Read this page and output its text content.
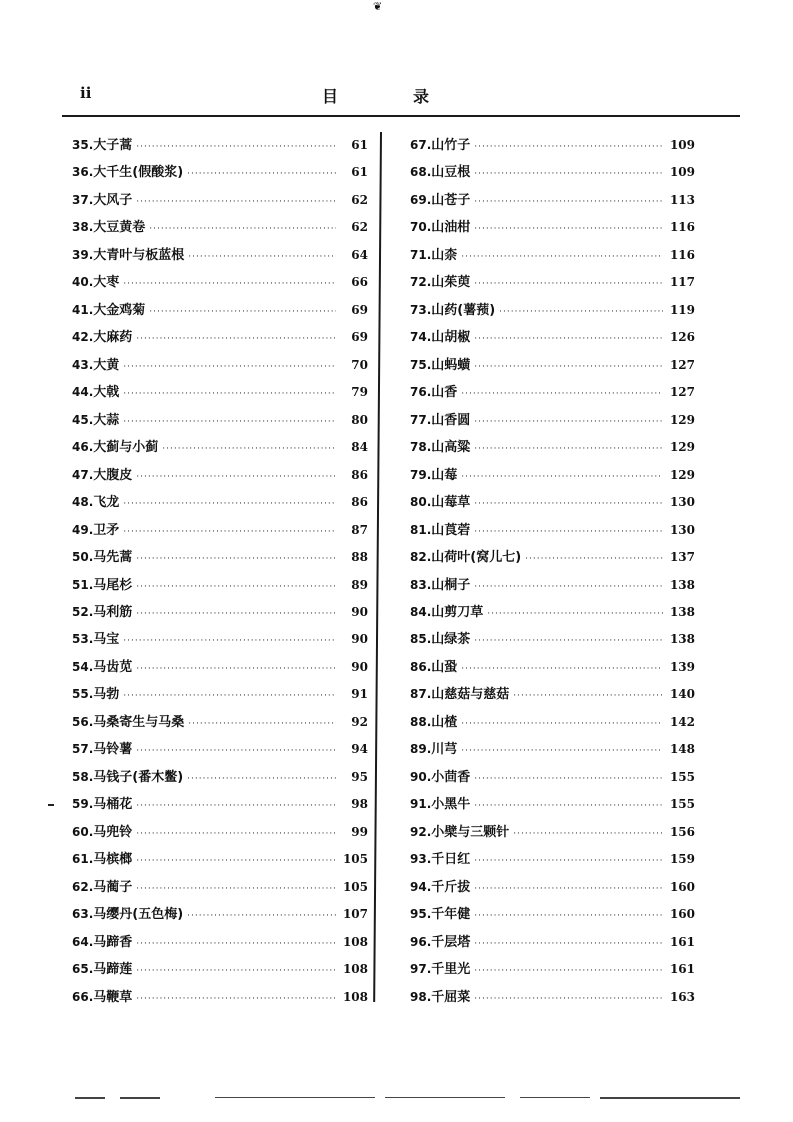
❦
ii	目	录
35. 大子蒿 ·····	61
36. 大千生(假酸浆) ·····	61
37. 大风子 ·····	62
38. 大豆黄卷 ·····	62
39. 大青叶与板蓝根 ·····	64
40. 大枣 ·····	66
41. 大金鸡菊 ·····	69
42. 大麻药 ·····	69
43. 大黄 ·····	70
44. 大戟 ·····	79
45. 大蒜 ·····	80
46. 大蓟与小蓟 ·····	84
47. 大腹皮 ·····	86
48. 飞龙 ·····	86
49. 卫矛 ·····	87
50. 马先蒿 ·····	88
51. 马尾杉 ·····	89
52. 马利筋 ·····	90
53. 马宝 ·····	90
54. 马齿苋 ·····	90
55. 马勃 ·····	91
56. 马桑寄生与马桑 ·····	92
57. 马铃薯 ·····	94
58. 马钱子(番木鳖) ·····	95
59. 马桶花 ·····	98
60. 马兜铃 ·····	99
61. 马槟榔 ·····	105
62. 马蔺子 ·····	105
63. 马缨丹(五色梅) ·····	107
64. 马蹄香 ·····	108
65. 马蹄莲 ·····	108
66. 马鞭草 ·····	108
67. 山竹子 ·····	109
68. 山豆根 ·····	109
69. 山苍子 ·····	113
70. 山油柑 ·····	116
71. 山柰 ·····	116
72. 山茱萸 ·····	117
73. 山药(薯蓣) ·····	119
74. 山胡椒 ·····	126
75. 山蚂蟥 ·····	127
76. 山香 ·····	127
77. 山香圆 ·····	129
78. 山高粱 ·····	129
79. 山莓 ·····	129
80. 山莓草 ·····	130
81. 山莨菪 ·····	130
82. 山荷叶(窝儿七) ·····	137
83. 山桐子 ·····	138
84. 山剪刀草 ·····	138
85. 山绿茶 ·····	138
86. 山蛩 ·····	139
87. 山慈菇与慈菇 ·····	140
88. 山楂 ·····	142
89. 川芎 ·····	148
90. 小茴香 ·····	155
91. 小黑牛 ·····	155
92. 小檗与三颗针 ·····	156
93. 千日红 ·····	159
94. 千斤拔 ·····	160
95. 千年健 ·····	160
96. 千层塔 ·····	161
97. 千里光 ·····	161
98. 千屈菜 ·····	163
